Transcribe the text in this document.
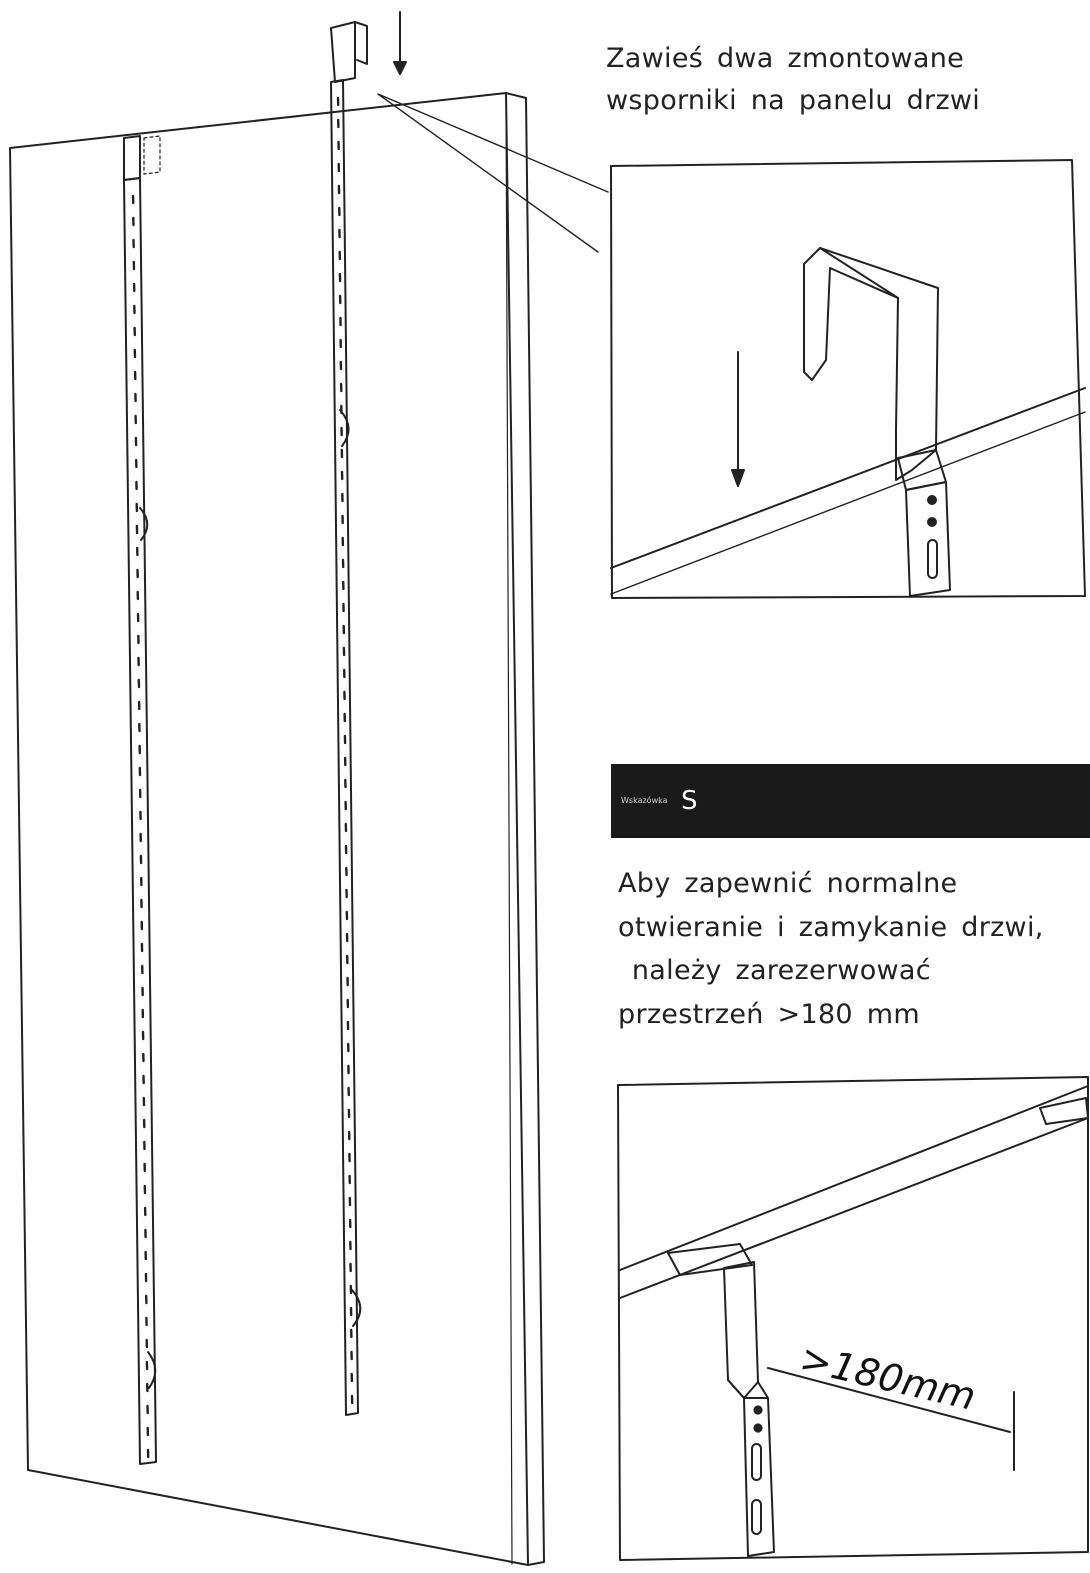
>180mm

Zawieś dwa zmontowane
wsporniki na panelu drzwi

Wskazówka S

Aby zapewnić normalne
otwieranie i zamykanie drzwi,
należy zarezerwować
przestrzeń >180 mm
